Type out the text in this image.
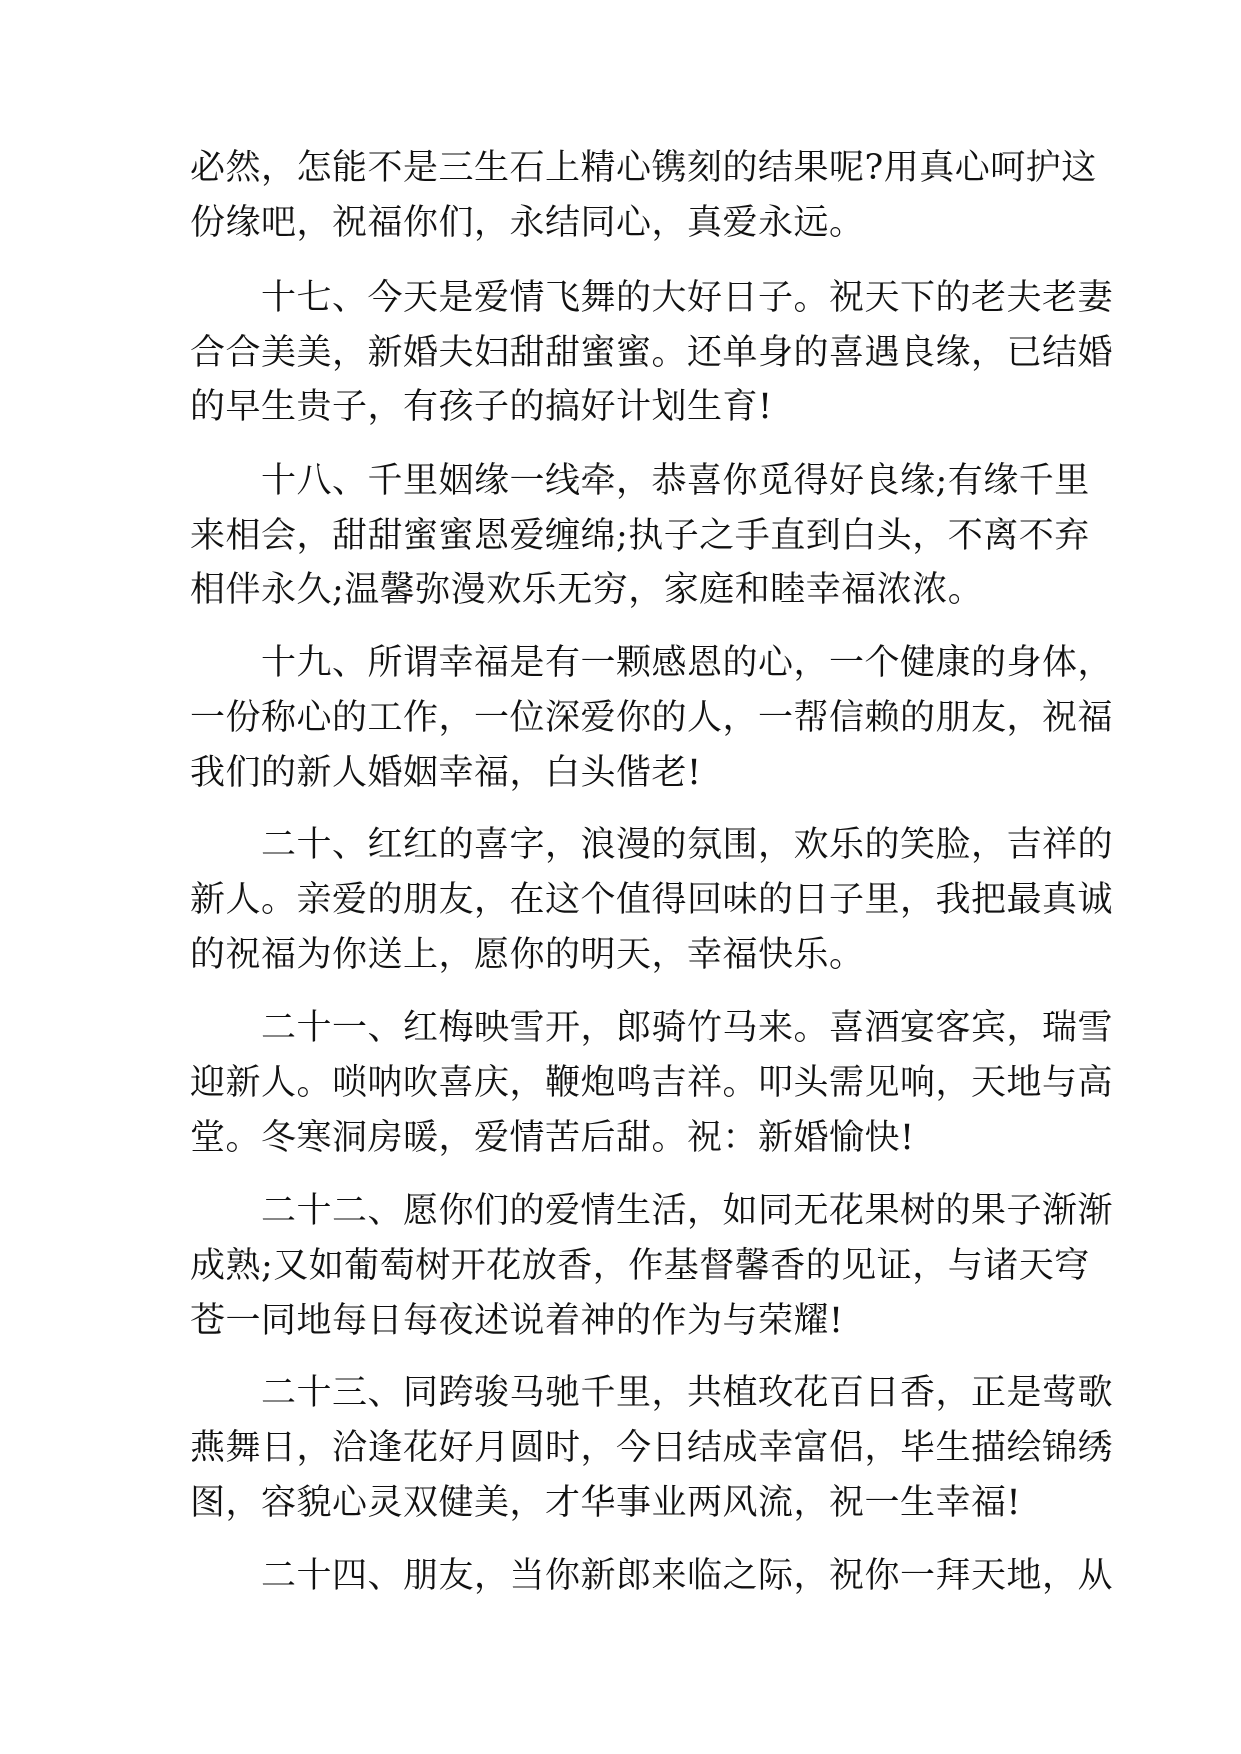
必然，怎能不是三生石上精心镌刻的结果呢?用真心呵护这
份缘吧，祝福你们，永结同心，真爱永远。
　　十七、今天是爱情飞舞的大好日子。祝天下的老夫老妻
合合美美，新婚夫妇甜甜蜜蜜。还单身的喜遇良缘，已结婚
的早生贵子，有孩子的搞好计划生育!
　　十八、千里姻缘一线牵，恭喜你觅得好良缘;有缘千里
来相会，甜甜蜜蜜恩爱缠绵;执子之手直到白头，不离不弃
相伴永久;温馨弥漫欢乐无穷，家庭和睦幸福浓浓。
　　十九、所谓幸福是有一颗感恩的心，一个健康的身体，
一份称心的工作，一位深爱你的人，一帮信赖的朋友，祝福
我们的新人婚姻幸福，白头偕老!
　　二十、红红的喜字，浪漫的氛围，欢乐的笑脸，吉祥的
新人。亲爱的朋友，在这个值得回味的日子里，我把最真诚
的祝福为你送上，愿你的明天，幸福快乐。
　　二十一、红梅映雪开，郎骑竹马来。喜酒宴客宾，瑞雪
迎新人。唢呐吹喜庆，鞭炮鸣吉祥。叩头需见响，天地与高
堂。冬寒洞房暖，爱情苦后甜。祝：新婚愉快!
　　二十二、愿你们的爱情生活，如同无花果树的果子渐渐
成熟;又如葡萄树开花放香，作基督馨香的见证，与诸天穹
苍一同地每日每夜述说着神的作为与荣耀!
　　二十三、同跨骏马驰千里，共植玫花百日香，正是莺歌
燕舞日，洽逢花好月圆时，今日结成幸富侣，毕生描绘锦绣
图，容貌心灵双健美，才华事业两风流，祝一生幸福!
　　二十四、朋友，当你新郎来临之际，祝你一拜天地，从
